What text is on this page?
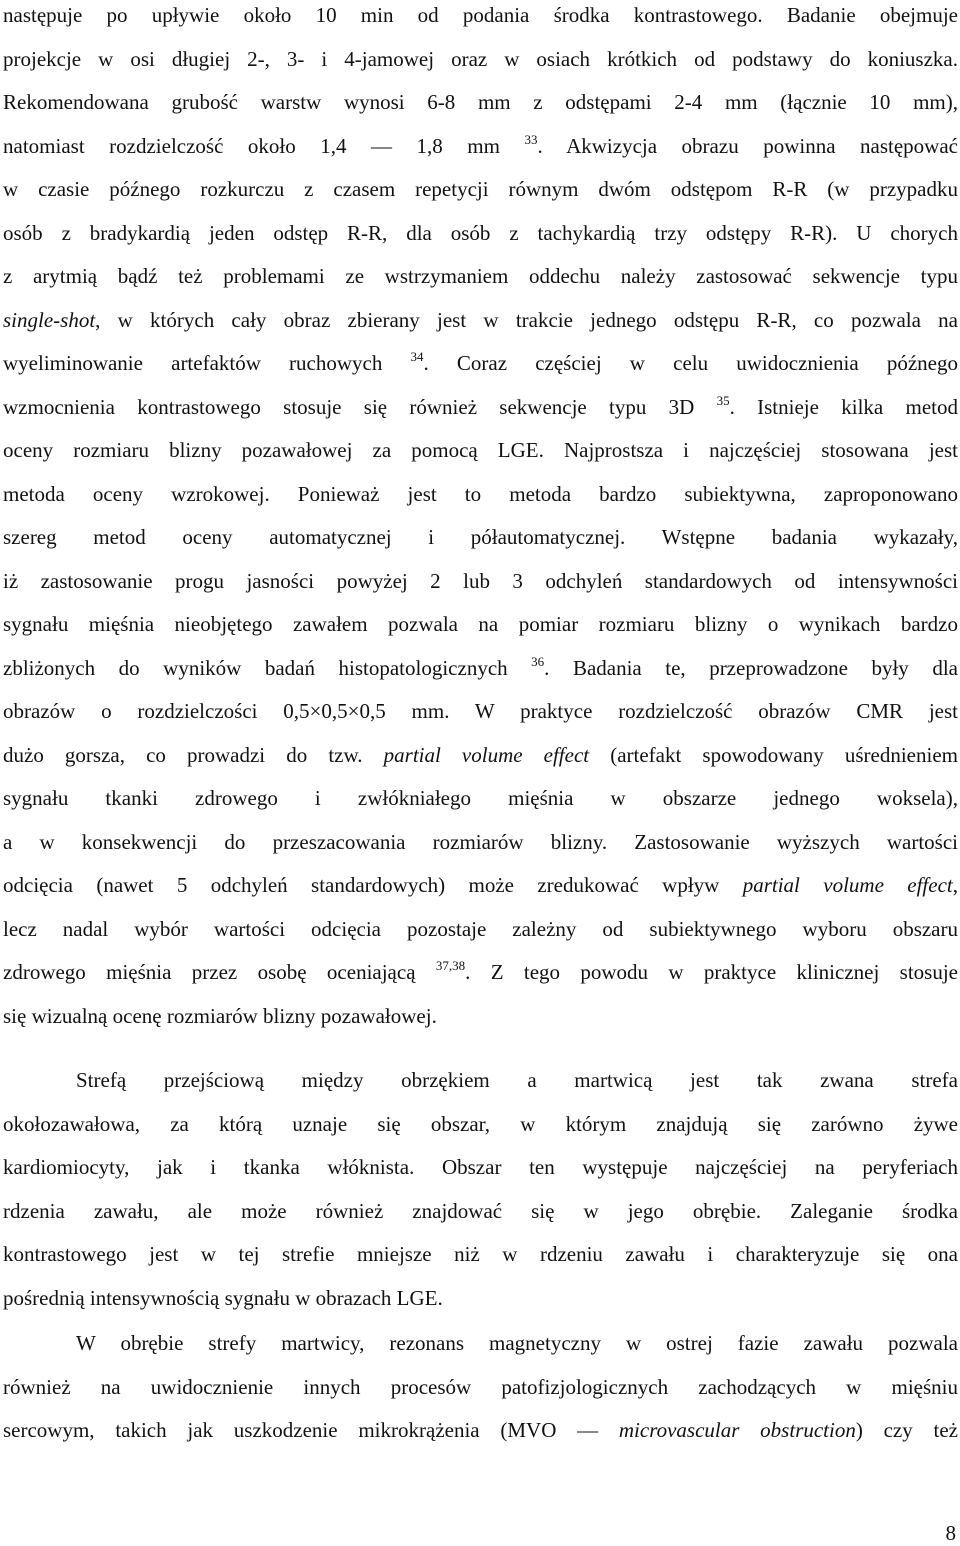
następuje po upływie około 10 min od podania środka kontrastowego. Badanie obejmuje
projekcje w osi długiej 2-, 3- i 4-jamowej oraz w osiach krótkich od podstawy do koniuszka.
Rekomendowana grubość warstw wynosi 6-8 mm z odstępami 2-4 mm (łącznie 10 mm),
natomiast rozdzielczość około 1,4 — 1,8 mm $^{33}$. Akwizycja obrazu powinna następować
w czasie późnego rozkurczu z czasem repetycji równym dwóm odstępom R-R (w przypadku
osób z bradykardią jeden odstęp R-R, dla osób z tachykardią trzy odstępy R-R). U chorych
z arytmią bądź też problemami ze wstrzymaniem oddechu należy zastosować sekwencje typu
single-shot, w których cały obraz zbierany jest w trakcie jednego odstępu R-R, co pozwala na
wyeliminowanie artefaktów ruchowych $^{34}$. Coraz częściej w celu uwidocznienia późnego
wzmocnienia kontrastowego stosuje się również sekwencje typu 3D $^{35}$. Istnieje kilka metod
oceny rozmiaru blizny pozawałowej za pomocą LGE. Najprostsza i najczęściej stosowana jest
metoda oceny wzrokowej. Ponieważ jest to metoda bardzo subiektywna, zaproponowano
szereg metod oceny automatycznej i półautomatycznej. Wstępne badania wykazały,
iż zastosowanie progu jasności powyżej 2 lub 3 odchyleń standardowych od intensywności
sygnału mięśnia nieobjętego zawałem pozwala na pomiar rozmiaru blizny o wynikach bardzo
zbliżonych do wyników badań histopatologicznych $^{36}$. Badania te, przeprowadzone były dla
obrazów o rozdzielczości 0,5×0,5×0,5 mm. W praktyce rozdzielczość obrazów CMR jest
dużo gorsza, co prowadzi do tzw. partial volume effect (artefakt spowodowany uśrednieniem
sygnału tkanki zdrowego i zwłókniałego mięśnia w obszarze jednego woksela),
a w konsekwencji do przeszacowania rozmiarów blizny. Zastosowanie wyższych wartości
odcięcia (nawet 5 odchyleń standardowych) może zredukować wpływ partial volume effect,
lecz nadal wybór wartości odcięcia pozostaje zależny od subiektywnego wyboru obszaru
zdrowego mięśnia przez osobę oceniającą $^{37,38}$. Z tego powodu w praktyce klinicznej stosuje
się wizualną ocenę rozmiarów blizny pozawałowej.
Strefą przejściową między obrzękiem a martwicą jest tak zwana strefa
okołozawałowa, za którą uznaje się obszar, w którym znajdują się zarówno żywe
kardiomiocyty, jak i tkanka włóknista. Obszar ten występuje najczęściej na peryferiach
rdzenia zawału, ale może również znajdować się w jego obrębie. Zaleganie środka
kontrastowego jest w tej strefie mniejsze niż w rdzeniu zawału i charakteryzuje się ona
pośrednią intensywnością sygnału w obrazach LGE.
W obrębie strefy martwicy, rezonans magnetyczny w ostrej fazie zawału pozwala
również na uwidocznienie innych procesów patofizjologicznych zachodzących w mięśniu
sercowym, takich jak uszkodzenie mikrokrążenia (MVO — microvascular obstruction) czy też
8
